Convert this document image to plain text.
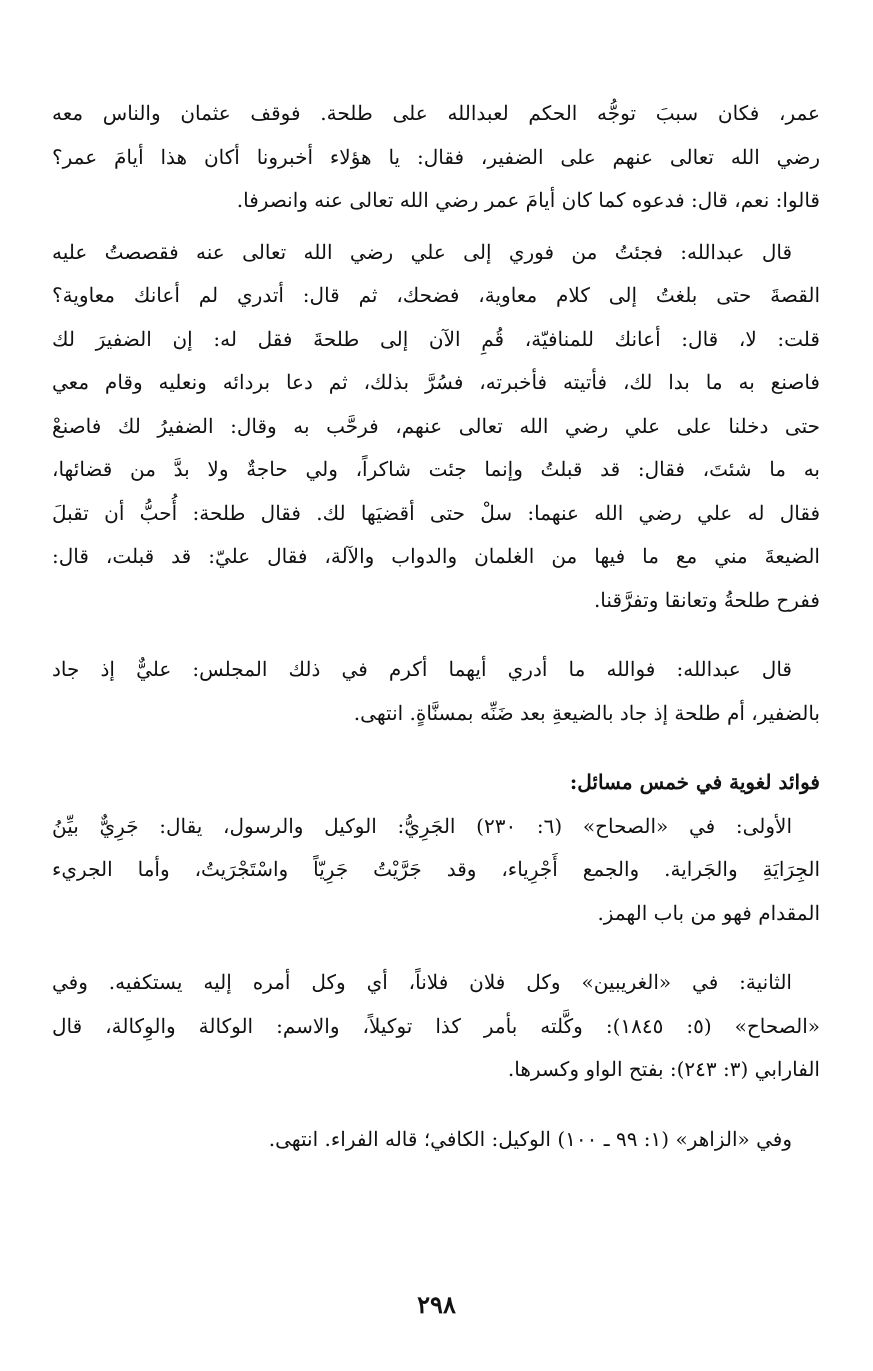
عمر، فكان سببَ توجُّه الحكم لعبدالله على طلحة. فوقف عثمان والناس معه
رضي الله تعالى عنهم على الضفير، فقال: يا هؤلاء أخبرونا أكان هذا أيامَ عمر؟
قالوا: نعم، قال: فدعوه كما كان أيامَ عمر رضي الله تعالى عنه وانصرفا.

قال عبدالله: فجئتُ من فوري إلى علي رضي الله تعالى عنه فقصصتُ عليه
القصةَ حتى بلغتُ إلى كلام معاوية، فضحك، ثم قال: أتدري لم أعانك معاوية؟
قلت: لا، قال: أعانك للمنافيّة، قُمِ الآن إلى طلحةَ فقل له: إن الضفيرَ لك
فاصنع به ما بدا لك، فأتيته فأخبرته، فسُرَّ بذلك، ثم دعا بردائه ونعليه وقام معي
حتى دخلنا على علي رضي الله تعالى عنهم، فرحَّب به وقال: الضفيرُ لك فاصنعْ
به ما شئتَ، فقال: قد قبلتُ وإنما جئت شاكراً، ولي حاجةٌ ولا بدَّ من قضائها،
فقال له علي رضي الله عنهما: سلْ حتى أقضيَها لك. فقال طلحة: أُحبُّ أن تقبلَ
الضيعةَ مني مع ما فيها من الغلمان والدواب والآلة، فقال عليّ: قد قبلت، قال:
ففرح طلحةُ وتعانقا وتفرَّقنا.

قال عبدالله: فوالله ما أدري أيهما أكرم في ذلك المجلس: عليٌّ إذ جاد
بالضفير، أم طلحة إذ جاد بالضيعةِ بعد ضَنِّه بمسنَّاةٍ. انتهى.

فوائد لغوية في خمس مسائل:

الأولى: في «الصحاح» (٦: ٢٣٠) الجَرِيُّ: الوكيل والرسول، يقال: جَرِيٌّ بيِّنُ
الجِرَايَةِ والجَراية. والجمع أَجْرِياء، وقد جَرَّيْتُ جَرِيّاً واسْتَجْرَيتُ، وأما الجريء
المقدام فهو من باب الهمز.

الثانية: في «الغريبين» وكل فلان فلاناً، أي وكل أمره إليه يستكفيه. وفي
«الصحاح» (٥: ١٨٤٥): وكَّلته بأمر كذا توكيلاً، والاسم: الوكالة والوِكالة، قال
الفارابي (٣: ٢٤٣): بفتح الواو وكسرها.

وفي «الزاهر» (١: ٩٩ ـ ١٠٠) الوكيل: الكافي؛ قاله الفراء. انتهى.

٢٩٨
